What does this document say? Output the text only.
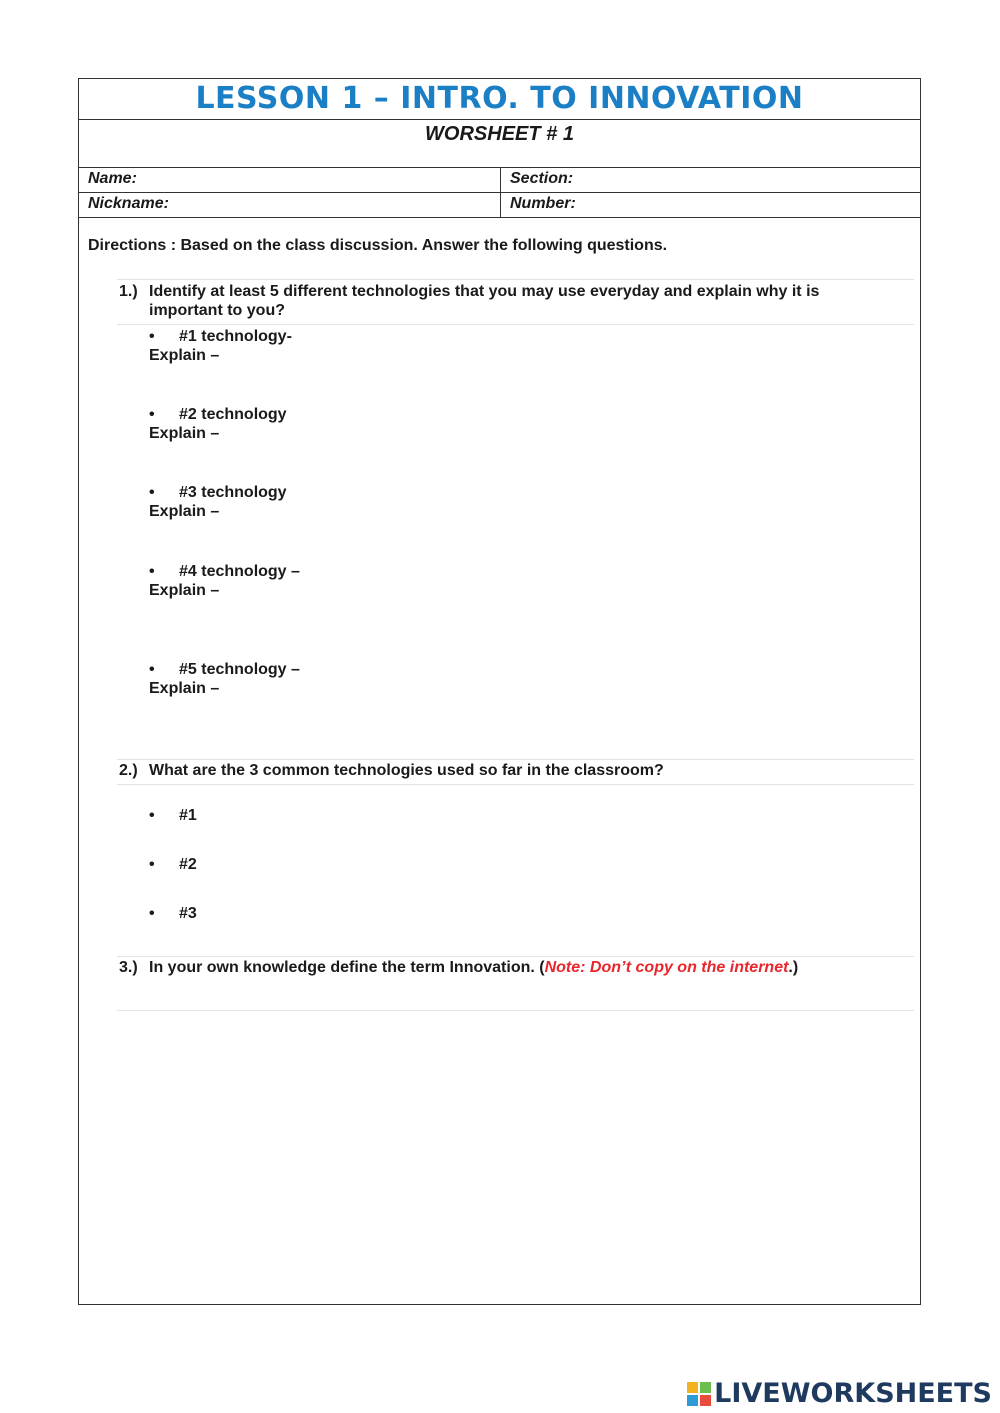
LESSON 1 – INTRO. TO INNOVATION
WORSHEET # 1
Name:	Section:
Nickname:	Number:
Directions : Based on the class discussion. Answer the following questions.
1.) Identify at least 5 different technologies that you may use everyday and explain why it is important to you?
• #1 technology-
Explain –
• #2 technology
Explain –
• #3 technology
Explain –
• #4 technology –
Explain –
• #5 technology –
Explain –
2.) What are the 3 common technologies used so far in the classroom?
• #1
• #2
• #3
3.) In your own knowledge define the term Innovation. (Note: Don’t copy on the internet.)
LIVEWORKSHEETS
